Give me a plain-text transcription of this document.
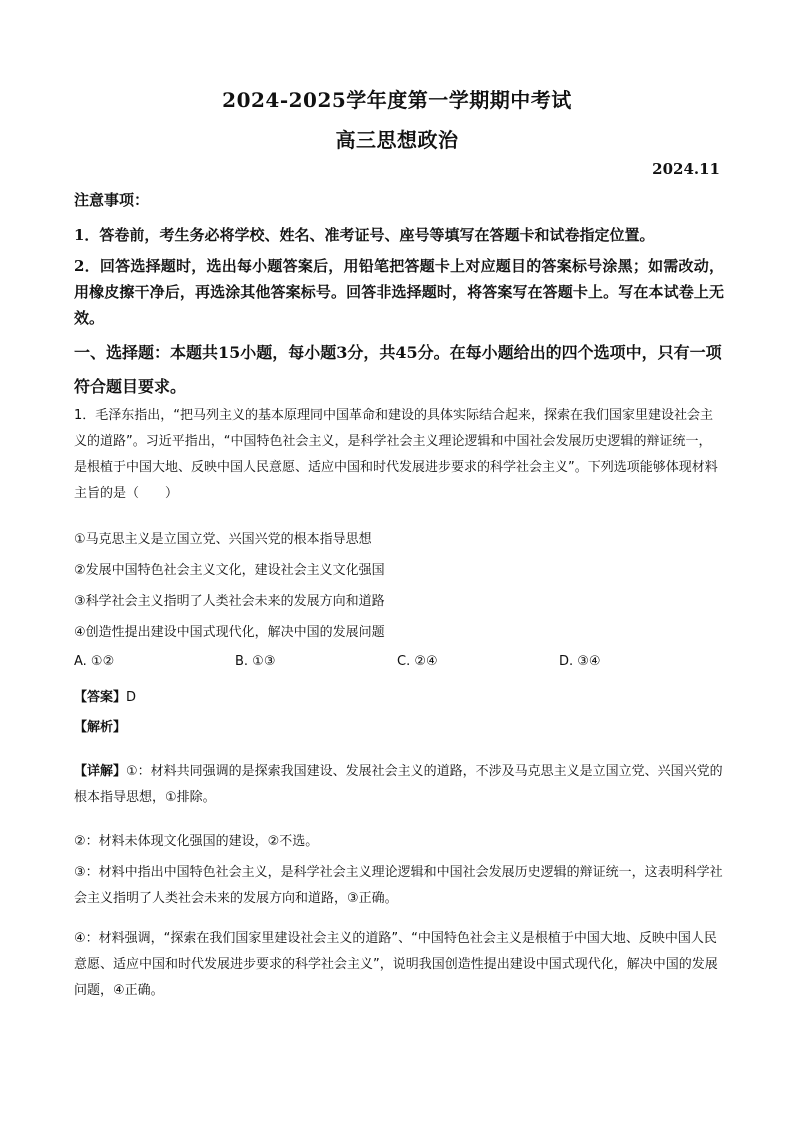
2024-2025学年度第一学期期中考试
高三思想政治
2024.11
注意事项：
1．答卷前，考生务必将学校、姓名、准考证号、座号等填写在答题卡和试卷指定位置。
2．回答选择题时，选出每小题答案后，用铅笔把答题卡上对应题目的答案标号涂黑；如需改动，用橡皮擦干净后，再选涂其他答案标号。回答非选择题时，将答案写在答题卡上。写在本试卷上无效。
一、选择题：本题共15小题，每小题3分，共45分。在每小题给出的四个选项中，只有一项符合题目要求。
1．毛泽东指出，“把马列主义的基本原理同中国革命和建设的具体实际结合起来，探索在我们国家里建设社会主义的道路”。习近平指出，“中国特色社会主义，是科学社会主义理论逻辑和中国社会发展历史逻辑的辩证统一，是根植于中国大地、反映中国人民意愿、适应中国和时代发展进步要求的科学社会主义”。下列选项能够体现材料主旨的是（　　）
①马克思主义是立国立党、兴国兴党的根本指导思想
②发展中国特色社会主义文化，建设社会主义文化强国
③科学社会主义指明了人类社会未来的发展方向和道路
④创造性提出建设中国式现代化，解决中国的发展问题
A. ①②	B. ①③	C. ②④	D. ③④
【答案】D
【解析】
【详解】①：材料共同强调的是探索我国建设、发展社会主义的道路，不涉及马克思主义是立国立党、兴国兴党的根本指导思想，①排除。
②：材料未体现文化强国的建设，②不选。
③：材料中指出中国特色社会主义，是科学社会主义理论逻辑和中国社会发展历史逻辑的辩证统一，这表明科学社会主义指明了人类社会未来的发展方向和道路，③正确。
④：材料强调，“探索在我们国家里建设社会主义的道路”、“中国特色社会主义是根植于中国大地、反映中国人民意愿、适应中国和时代发展进步要求的科学社会主义”，说明我国创造性提出建设中国式现代化，解决中国的发展问题，④正确。
